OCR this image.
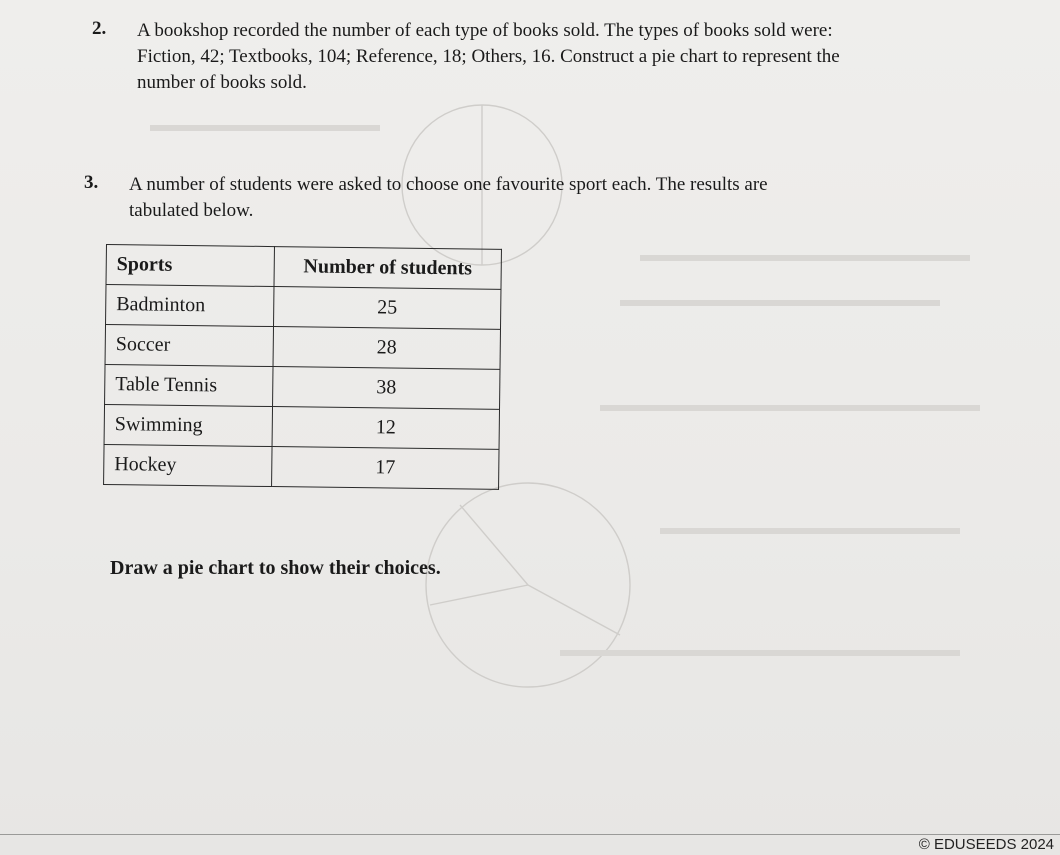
2. A bookshop recorded the number of each type of books sold. The types of books sold were:

Fiction, 42; Textbooks, 104; Reference, 18; Others, 16. Construct a pie chart to represent the

number of books sold.

3. A number of students were asked to choose one favourite sport each. The results are

tabulated below.

Sports	Number of students
Badminton	25
Soccer	28
Table Tennis	38
Swimming	12
Hockey	17
Draw a pie chart to show their choices.
© EDUSEEDS 2024
